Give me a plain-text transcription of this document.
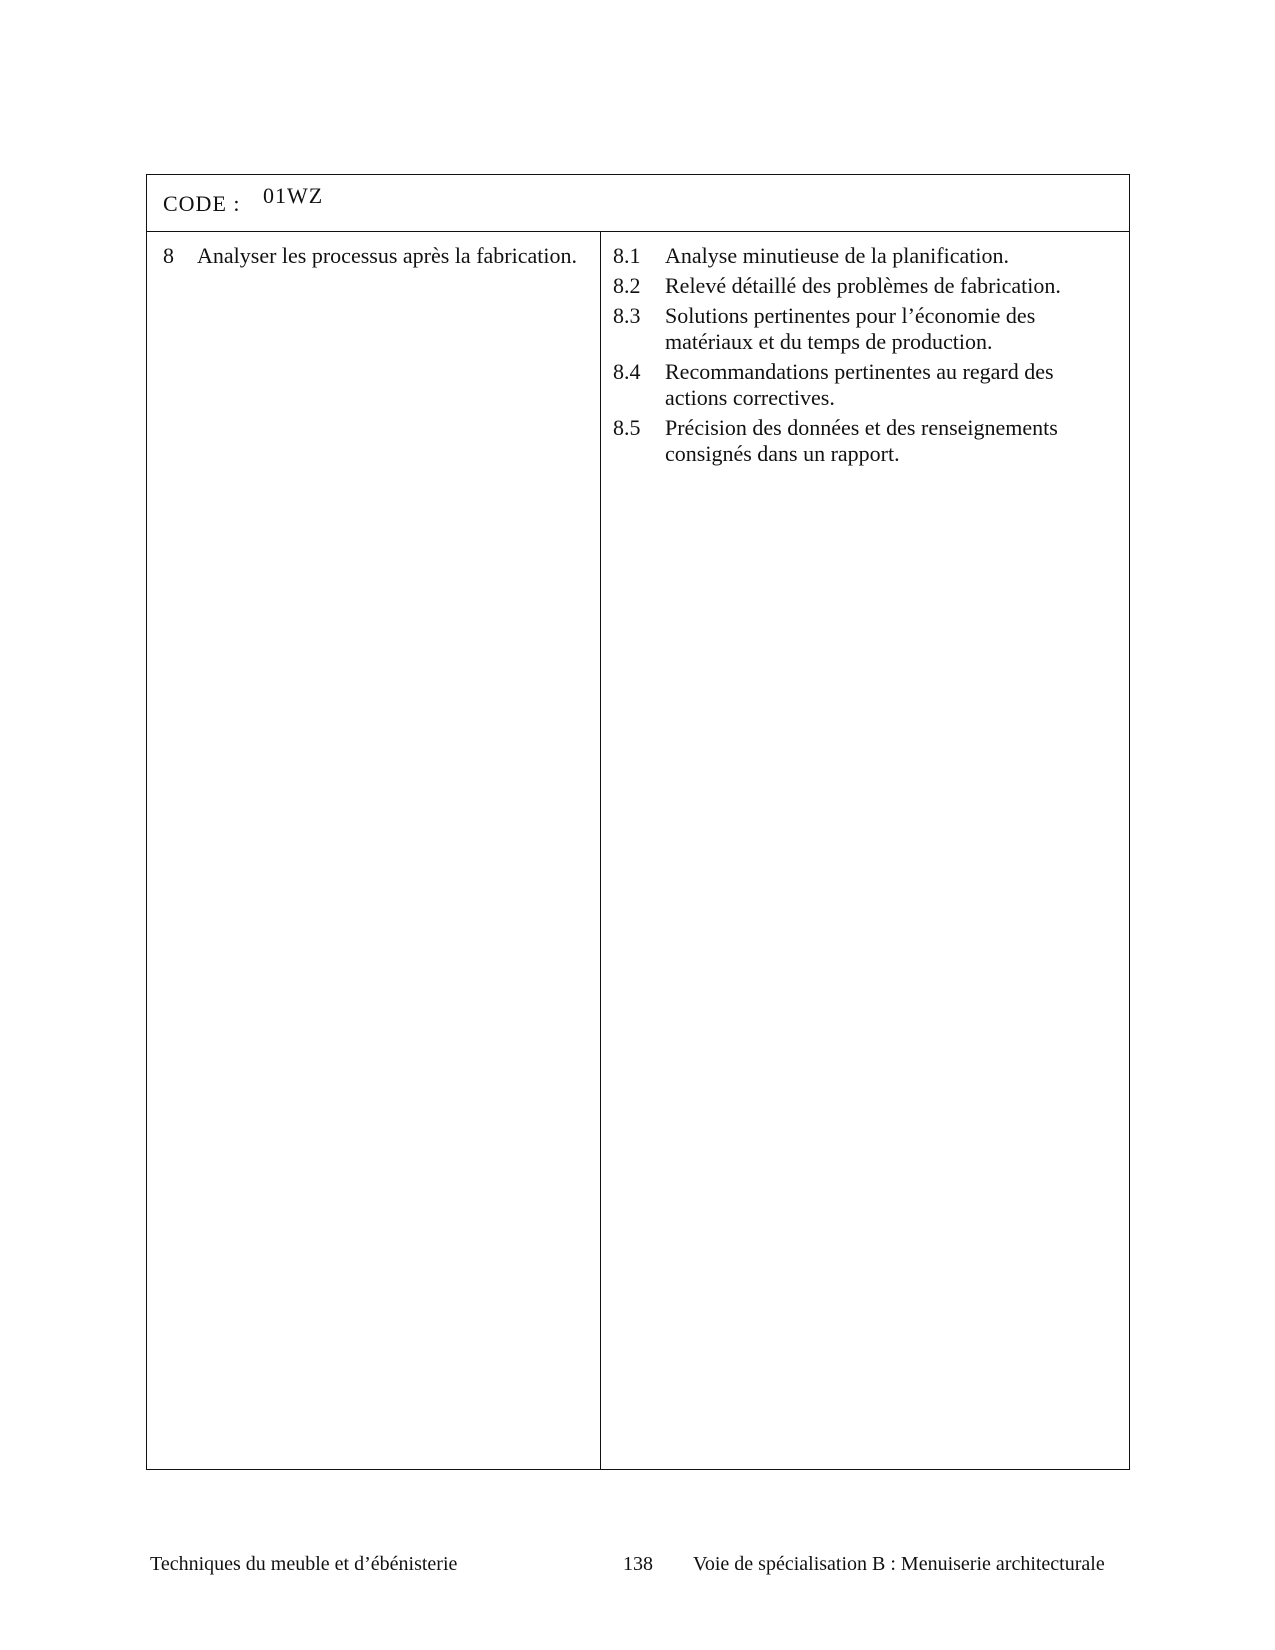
CODE : 01WZ
8 Analyser les processus après la fabrication. 8.1 Analyse minutieuse de la planification.
8.2 Relevé détaillé des problèmes de fabrication.
8.3 Solutions pertinentes pour l’économie des matériaux et du temps de production.
8.4 Recommandations pertinentes au regard des actions correctives.
8.5 Précision des données et des renseignements consignés dans un rapport.
Techniques du meuble et d’ébénisterie	138 Voie de spécialisation B : Menuiserie architecturale
